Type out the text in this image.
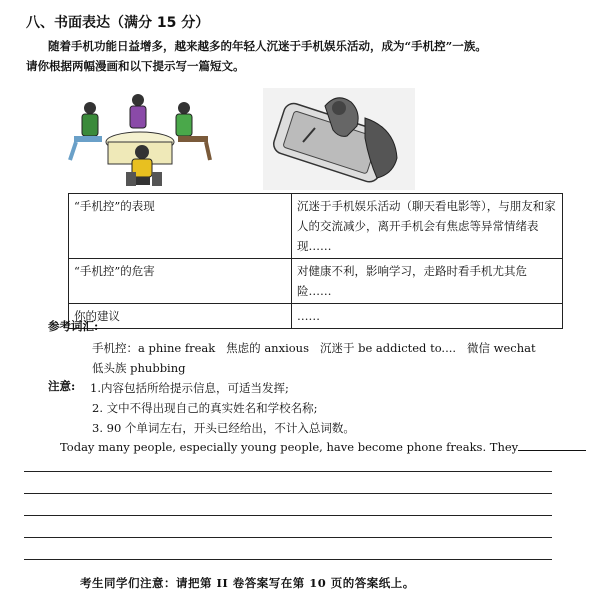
八、书面表达（满分 15 分）
随着手机功能日益增多，越来越多的年轻人沉迷于手机娱乐活动，成为“手机控”一族。
请你根据两幅漫画和以下提示写一篇短文。
“手机控”的表现	沉迷于手机娱乐活动（聊天看电影等），与朋友和家人的交流减少，离开手机会有焦虑等异常情绪表现……
“手机控”的危害	对健康不利，影响学习，走路时看手机尤其危险……
你的建议	……
参考词汇:
手机控：a phine freak   焦虑的 anxious   沉迷于 be addicted to....   微信 wechat
低头族 phubbing
注意: 1.内容包括所给提示信息，可适当发挥;
2. 文中不得出现自己的真实姓名和学校名称;
3. 90 个单词左右，开头已经给出，不计入总词数。
Today many people, especially young people, have become phone freaks. They
考生同学们注意：请把第 II 卷答案写在第 10 页的答案纸上。
